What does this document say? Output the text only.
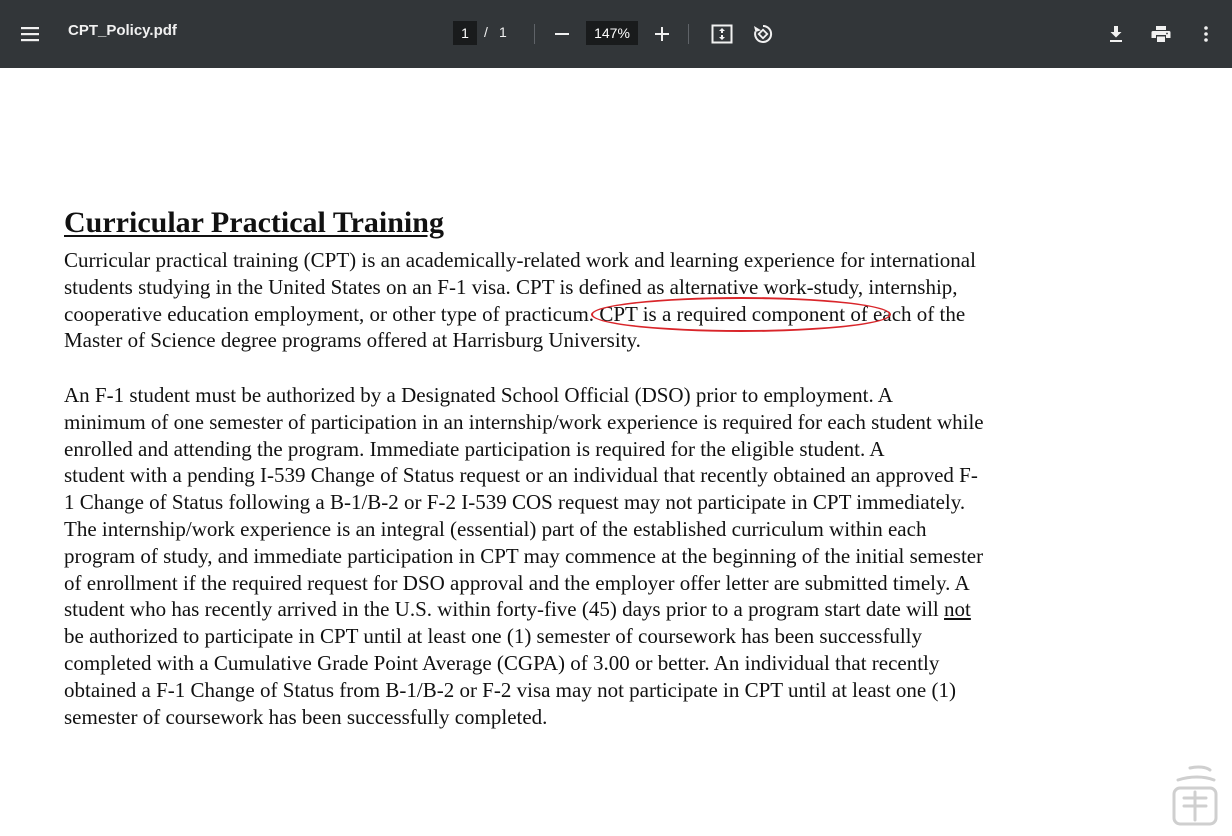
CPT_Policy.pdf
1	/ 1	147%
Curricular Practical Training

Curricular practical training (CPT) is an academically-related work and learning experience for international
students studying in the United States on an F-1 visa. CPT is defined as alternative work-study, internship,
cooperative education employment, or other type of practicum. CPT is a required component
of each of the
Master of Science degree programs offered at Harrisburg University.

An F-1 student must be authorized by a Designated School Official (DSO) prior to employment. A
minimum of one semester of participation in an internship/work experience is required for each student while
enrolled and attending the program. Immediate participation is required for the eligible student. A
student with a pending I-539 Change of Status request or an individual that recently obtained an approved F-
1 Change of Status following a B-1/B-2 or F-2 I-539 COS request may not participate in CPT immediately.
The internship/work experience is an integral (essential) part of the established curriculum within each
program of study, and immediate participation in CPT may commence at the beginning of the initial semester
of enrollment if the required request for DSO approval and the employer offer letter are submitted timely. A
student who has recently arrived in the U.S. within forty-five (45) days prior to a program start date will not
be authorized to participate in CPT until at least one (1) semester of coursework has been successfully
completed with a Cumulative Grade Point Average (CGPA) of 3.00 or better. An individual that recently
obtained a F-1 Change of Status from B-1/B-2 or F-2 visa may not participate in CPT until at least one (1)
semester of coursework has been successfully completed.
